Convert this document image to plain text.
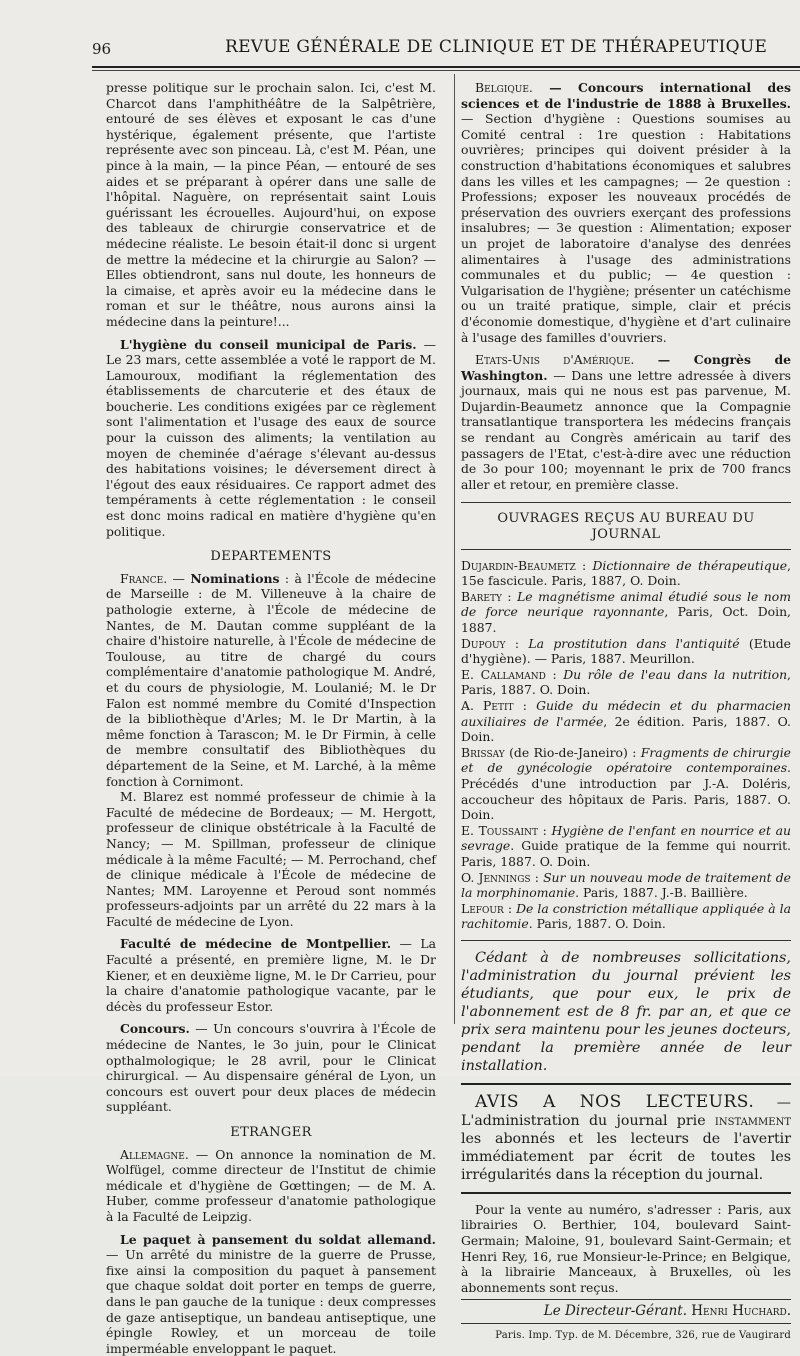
96	REVUE GÉNÉRALE DE CLINIQUE ET DE THÉRAPEUTIQUE

presse politique sur le prochain salon. Ici, c'est M. Charcot dans l'amphithéâtre de la Salpêtrière, entouré de ses élèves et exposant le cas d'une hystérique, également présente, que l'artiste représente avec son pinceau. Là, c'est M. Péan, une pince à la main, — la pince Péan, — entouré de ses aides et se préparant à opérer dans une salle de l'hôpital. Naguère, on représentait saint Louis guérissant les écrouelles. Aujourd'hui, on expose des tableaux de chirurgie conservatrice et de médecine réaliste. Le besoin était-il donc si urgent de mettre la médecine et la chirurgie au Salon? — Elles obtiendront, sans nul doute, les honneurs de la cimaise, et après avoir eu la médecine dans le roman et sur le théâtre, nous aurons ainsi la médecine dans la peinture!...

L'hygiène du conseil municipal de Paris. — Le 23 mars, cette assemblée a voté le rapport de M. Lamouroux, modifiant la réglementation des établissements de charcuterie et des étaux de boucherie. Les conditions exigées par ce règlement sont l'alimentation et l'usage des eaux de source pour la cuisson des aliments; la ventilation au moyen de cheminée d'aérage s'élevant au-dessus des habitations voisines; le déversement direct à l'égout des eaux résiduaires. Ce rapport admet des tempéraments à cette réglementation : le conseil est donc moins radical en matière d'hygiène qu'en politique.

DEPARTEMENTS

France. — Nominations : à l'École de médecine de Marseille : de M. Villeneuve à la chaire de pathologie externe, à l'École de médecine de Nantes, de M. Dautan comme suppléant de la chaire d'histoire naturelle, à l'École de médecine de Toulouse, au titre de chargé du cours complémentaire d'anatomie pathologique M. André, et du cours de physiologie, M. Loulanié; M. le Dr Falon est nommé membre du Comité d'Inspection de la bibliothèque d'Arles; M. le Dr Martin, à la même fonction à Tarascon; M. le Dr Firmin, à celle de membre consultatif des Bibliothèques du département de la Seine, et M. Larché, à la même fonction à Cornimont.

M. Blarez est nommé professeur de chimie à la Faculté de médecine de Bordeaux; — M. Hergott, professeur de clinique obstétricale à la Faculté de Nancy; — M. Spillman, professeur de clinique médicale à la même Faculté; — M. Perrochand, chef de clinique médicale à l'École de médecine de Nantes; MM. Laroyenne et Peroud sont nommés professeurs-adjoints par un arrêté du 22 mars à la Faculté de médecine de Lyon.

Faculté de médecine de Montpellier. — La Faculté a présenté, en première ligne, M. le Dr Kiener, et en deuxième ligne, M. le Dr Carrieu, pour la chaire d'anatomie pathologique vacante, par le décès du professeur Estor.

Concours. — Un concours s'ouvrira à l'École de médecine de Nantes, le 3o juin, pour le Clinicat opthalmologique; le 28 avril, pour le Clinicat chirurgical. — Au dispensaire général de Lyon, un concours est ouvert pour deux places de médecin suppléant.

ETRANGER

Allemagne. — On annonce la nomination de M. Wolfügel, comme directeur de l'Institut de chimie médicale et d'hygiène de Gœttingen; — de M. A. Huber, comme professeur d'anatomie pathologique à la Faculté de Leipzig.

Le paquet à pansement du soldat allemand. — Un arrêté du ministre de la guerre de Prusse, fixe ainsi la composition du paquet à pansement que chaque soldat doit porter en temps de guerre, dans le pan gauche de la tunique : deux compresses de gaze antiseptique, un bandeau antiseptique, une épingle Rowley, et un morceau de toile imperméable enveloppant le paquet.

Belgique. — Concours international des sciences et de l'industrie de 1888 à Bruxelles. — Section d'hygiène : Questions soumises au Comité central : 1re question : Habitations ouvrières; principes qui doivent présider à la construction d'habitations économiques et salubres dans les villes et les campagnes; — 2e question : Professions; exposer les nouveaux procédés de préservation des ouvriers exerçant des professions insalubres; — 3e question : Alimentation; exposer un projet de laboratoire d'analyse des denrées alimentaires à l'usage des administrations communales et du public; — 4e question : Vulgarisation de l'hygiène; présenter un catéchisme ou un traité pratique, simple, clair et précis d'économie domestique, d'hygiène et d'art culinaire à l'usage des familles d'ouvriers.

Etats-Unis d'Amérique. — Congrès de Washington. — Dans une lettre adressée à divers journaux, mais qui ne nous est pas parvenue, M. Dujardin-Beaumetz annonce que la Compagnie transatlantique transportera les médecins français se rendant au Congrès américain au tarif des passagers de l'Etat, c'est-à-dire avec une réduction de 3o pour 100; moyennant le prix de 700 francs aller et retour, en première classe.

OUVRAGES REÇUS AU BUREAU DU JOURNAL

Dujardin-Beaumetz : Dictionnaire de thérapeutique, 15e fascicule. Paris, 1887, O. Doin.

Barety : Le magnétisme animal étudié sous le nom de force neurique rayonnante, Paris, Oct. Doin, 1887.

Dupouy : La prostitution dans l'antiquité (Etude d'hygiène). — Paris, 1887. Meurillon.

E. Callamand : Du rôle de l'eau dans la nutrition, Paris, 1887. O. Doin.

A. Petit : Guide du médecin et du pharmacien auxiliaires de l'armée, 2e édition. Paris, 1887. O. Doin.

Brissay (de Rio-de-Janeiro) : Fragments de chirurgie et de gynécologie opératoire contemporaines. Précédés d'une introduction par J.-A. Doléris, accoucheur des hôpitaux de Paris. Paris, 1887. O. Doin.

E. Toussaint : Hygiène de l'enfant en nourrice et au sevrage. Guide pratique de la femme qui nourrit. Paris, 1887. O. Doin.

O. Jennings : Sur un nouveau mode de traitement de la morphinomanie. Paris, 1887. J.-B. Baillière.

Lefour : De la constriction métallique appliquée à la rachitomie. Paris, 1887. O. Doin.

Cédant à de nombreuses sollicitations, l'administration du journal prévient les étudiants, que pour eux, le prix de l'abonnement est de 8 fr. par an, et que ce prix sera maintenu pour les jeunes docteurs, pendant la première année de leur installation.

AVIS A NOS LECTEURS. — L'administration du journal prie instamment les abonnés et les lecteurs de l'avertir immédiatement par écrit de toutes les irrégularités dans la réception du journal.

Pour la vente au numéro, s'adresser : Paris, aux librairies O. Berthier, 104, boulevard Saint-Germain; Maloine, 91, boulevard Saint-Germain; et Henri Rey, 16, rue Monsieur-le-Prince; en Belgique, à la librairie Manceaux, à Bruxelles, où les abonnements sont reçus.

Le Directeur-Gérant. Henri Huchard.
Paris. Imp. Typ. de M. Décembre, 326, rue de Vaugirard
